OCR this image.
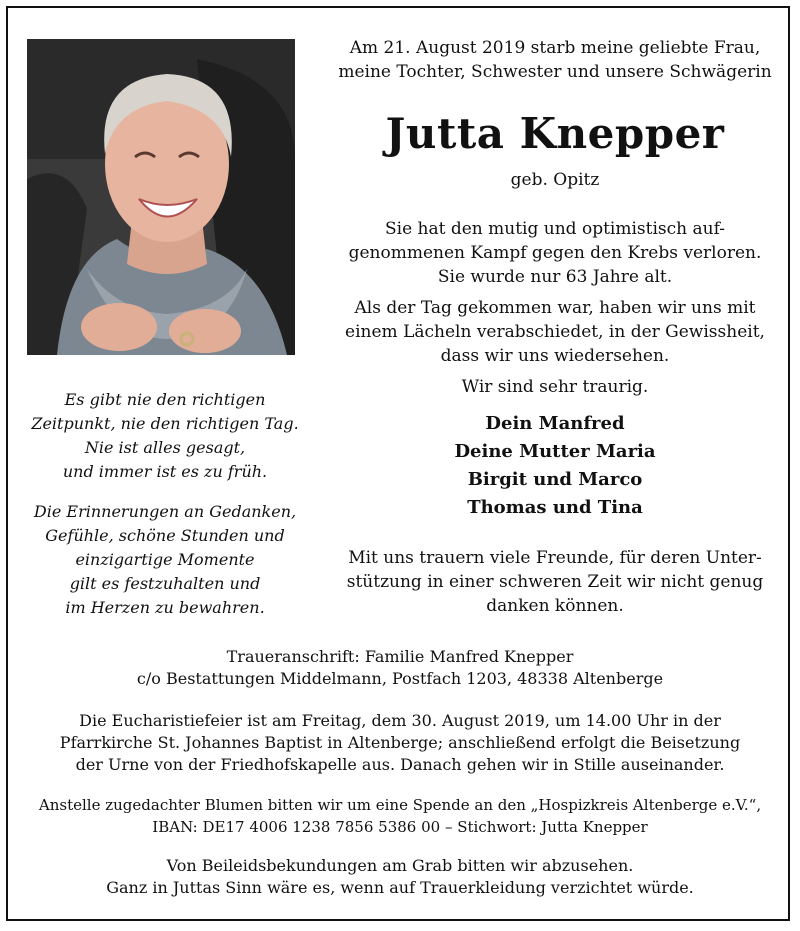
Am 21. August 2019 starb meine geliebte Frau,
meine Tochter, Schwester und unsere Schwägerin
Jutta Knepper
geb. Opitz
Sie hat den mutig und optimistisch auf-
genommenen Kampf gegen den Krebs verloren.
Sie wurde nur 63 Jahre alt.
Als der Tag gekommen war, haben wir uns mit
einem Lächeln verabschiedet, in der Gewissheit,
dass wir uns wiedersehen.
Wir sind sehr traurig.
Dein Manfred
Deine Mutter Maria
Birgit und Marco
Thomas und Tina
Mit uns trauern viele Freunde, für deren Unter-
stützung in einer schweren Zeit wir nicht genug
danken können.
Es gibt nie den richtigen
Zeitpunkt, nie den richtigen Tag.
Nie ist alles gesagt,
und immer ist es zu früh.
Die Erinnerungen an Gedanken,
Gefühle, schöne Stunden und
einzigartige Momente
gilt es festzuhalten und
im Herzen zu bewahren.
Traueranschrift: Familie Manfred Knepper
c/o Bestattungen Middelmann, Postfach 1203, 48338 Altenberge
Die Eucharistiefeier ist am Freitag, dem 30. August 2019, um 14.00 Uhr in der
Pfarrkirche St. Johannes Baptist in Altenberge; anschließend erfolgt die Beisetzung
der Urne von der Friedhofskapelle aus. Danach gehen wir in Stille auseinander.
Anstelle zugedachter Blumen bitten wir um eine Spende an den „Hospizkreis Altenberge e.V.“,
IBAN: DE17 4006 1238 7856 5386 00 – Stichwort: Jutta Knepper
Von Beileidsbekundungen am Grab bitten wir abzusehen.
Ganz in Juttas Sinn wäre es, wenn auf Trauerkleidung verzichtet würde.
